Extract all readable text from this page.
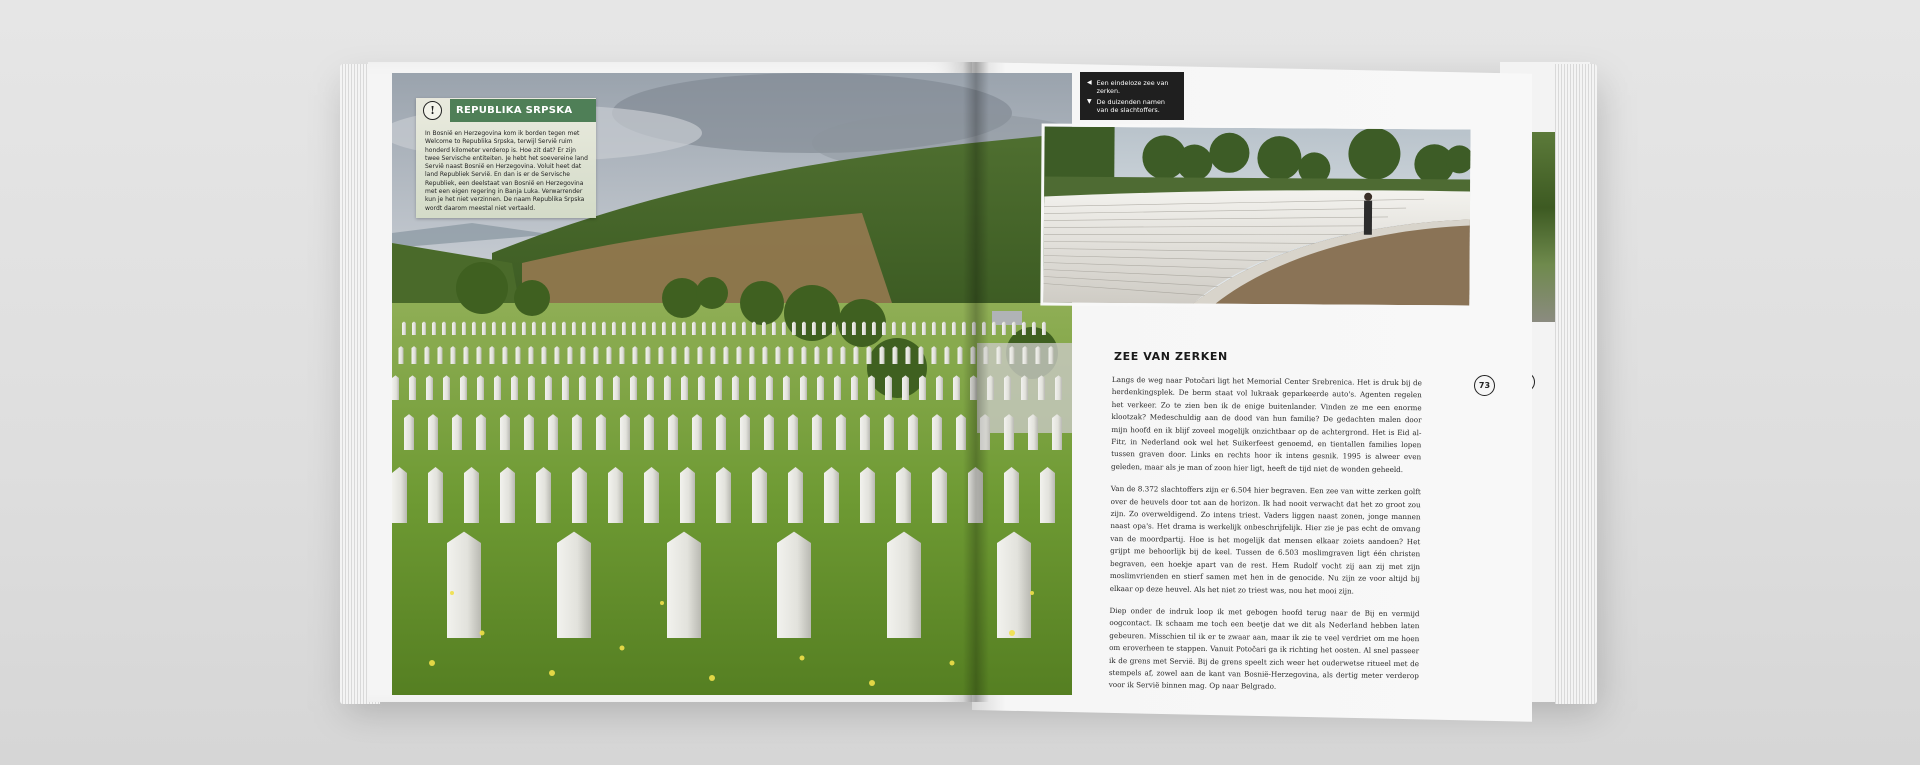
!	REPUBLIKA SRPSKA
In Bosnië en Herzegovina kom ik borden tegen met Welcome to Republika Srpska, terwijl Servië ruim honderd kilometer verderop is. Hoe zit dat? Er zijn twee Servische entiteiten. Je hebt het soevereine land Servië naast Bosnië en Herzegovina. Voluit heet dat land Republiek Servië. En dan is er de Servische Republiek, een deelstaat van Bosnië en Herzegovina met een eigen regering in Banja Luka. Verwarrender kun je het niet verzinnen. De naam Republika Srpska wordt daarom meestal niet vertaald.
◀ Een eindeloze zee van zerken.
▼ De duizenden namen van de slachtoffers.
ZEE VAN ZERKEN

Langs de weg naar Potočari ligt het Memorial Center Srebrenica. Het is druk bij de herdenkingsplek. De berm staat vol lukraak geparkeerde auto's. Agenten regelen het verkeer. Zo te zien ben ik de enige buitenlander. Vinden ze me een enorme klootzak? Medeschuldig aan de dood van hun familie? De gedachten malen door mijn hoofd en ik blijf zoveel mogelijk onzichtbaar op de achtergrond. Het is Eid al-Fitr, in Nederland ook wel het Suikerfeest genoemd, en tientallen families lopen tussen graven door. Links en rechts hoor ik intens gesnik. 1995 is alweer even geleden, maar als je man of zoon hier ligt, heeft de tijd niet de wonden geheeld.

Van de 8.372 slachtoffers zijn er 6.504 hier begraven. Een zee van witte zerken golft over de heuvels door tot aan de horizon. Ik had nooit verwacht dat het zo groot zou zijn. Zo overweldigend. Zo intens triest. Vaders liggen naast zonen, jonge mannen naast opa's. Het drama is werkelijk onbeschrijfelijk. Hier zie je pas echt de omvang van de moordpartij. Hoe is het mogelijk dat mensen elkaar zoiets aandoen? Het grijpt me behoorlijk bij de keel. Tussen de 6.503 moslimgraven ligt één christen begraven, een hoekje apart van de rest. Hem Rudolf vocht zij aan zij met zijn moslimvrienden en stierf samen met hen in de genocide. Nu zijn ze voor altijd bij elkaar op deze heuvel. Als het niet zo triest was, nou het mooi zijn.

Diep onder de indruk loop ik met gebogen hoofd terug naar de Bij en vermijd oogcontact. Ik schaam me toch een beetje dat we dit als Nederland hebben laten gebeuren. Misschien til ik er te zwaar aan, maar ik zie te veel verdriet om me hoen om eroverheen te stappen. Vanuit Potočari ga ik richting het oosten. Al snel passeer ik de grens met Servië. Bij de grens speelt zich weer het ouderwetse ritueel met de stempels af, zowel aan de kant van Bosnië-Herzegovina, als dertig meter verderop voor ik Servië binnen mag. Op naar Belgrado.

73
